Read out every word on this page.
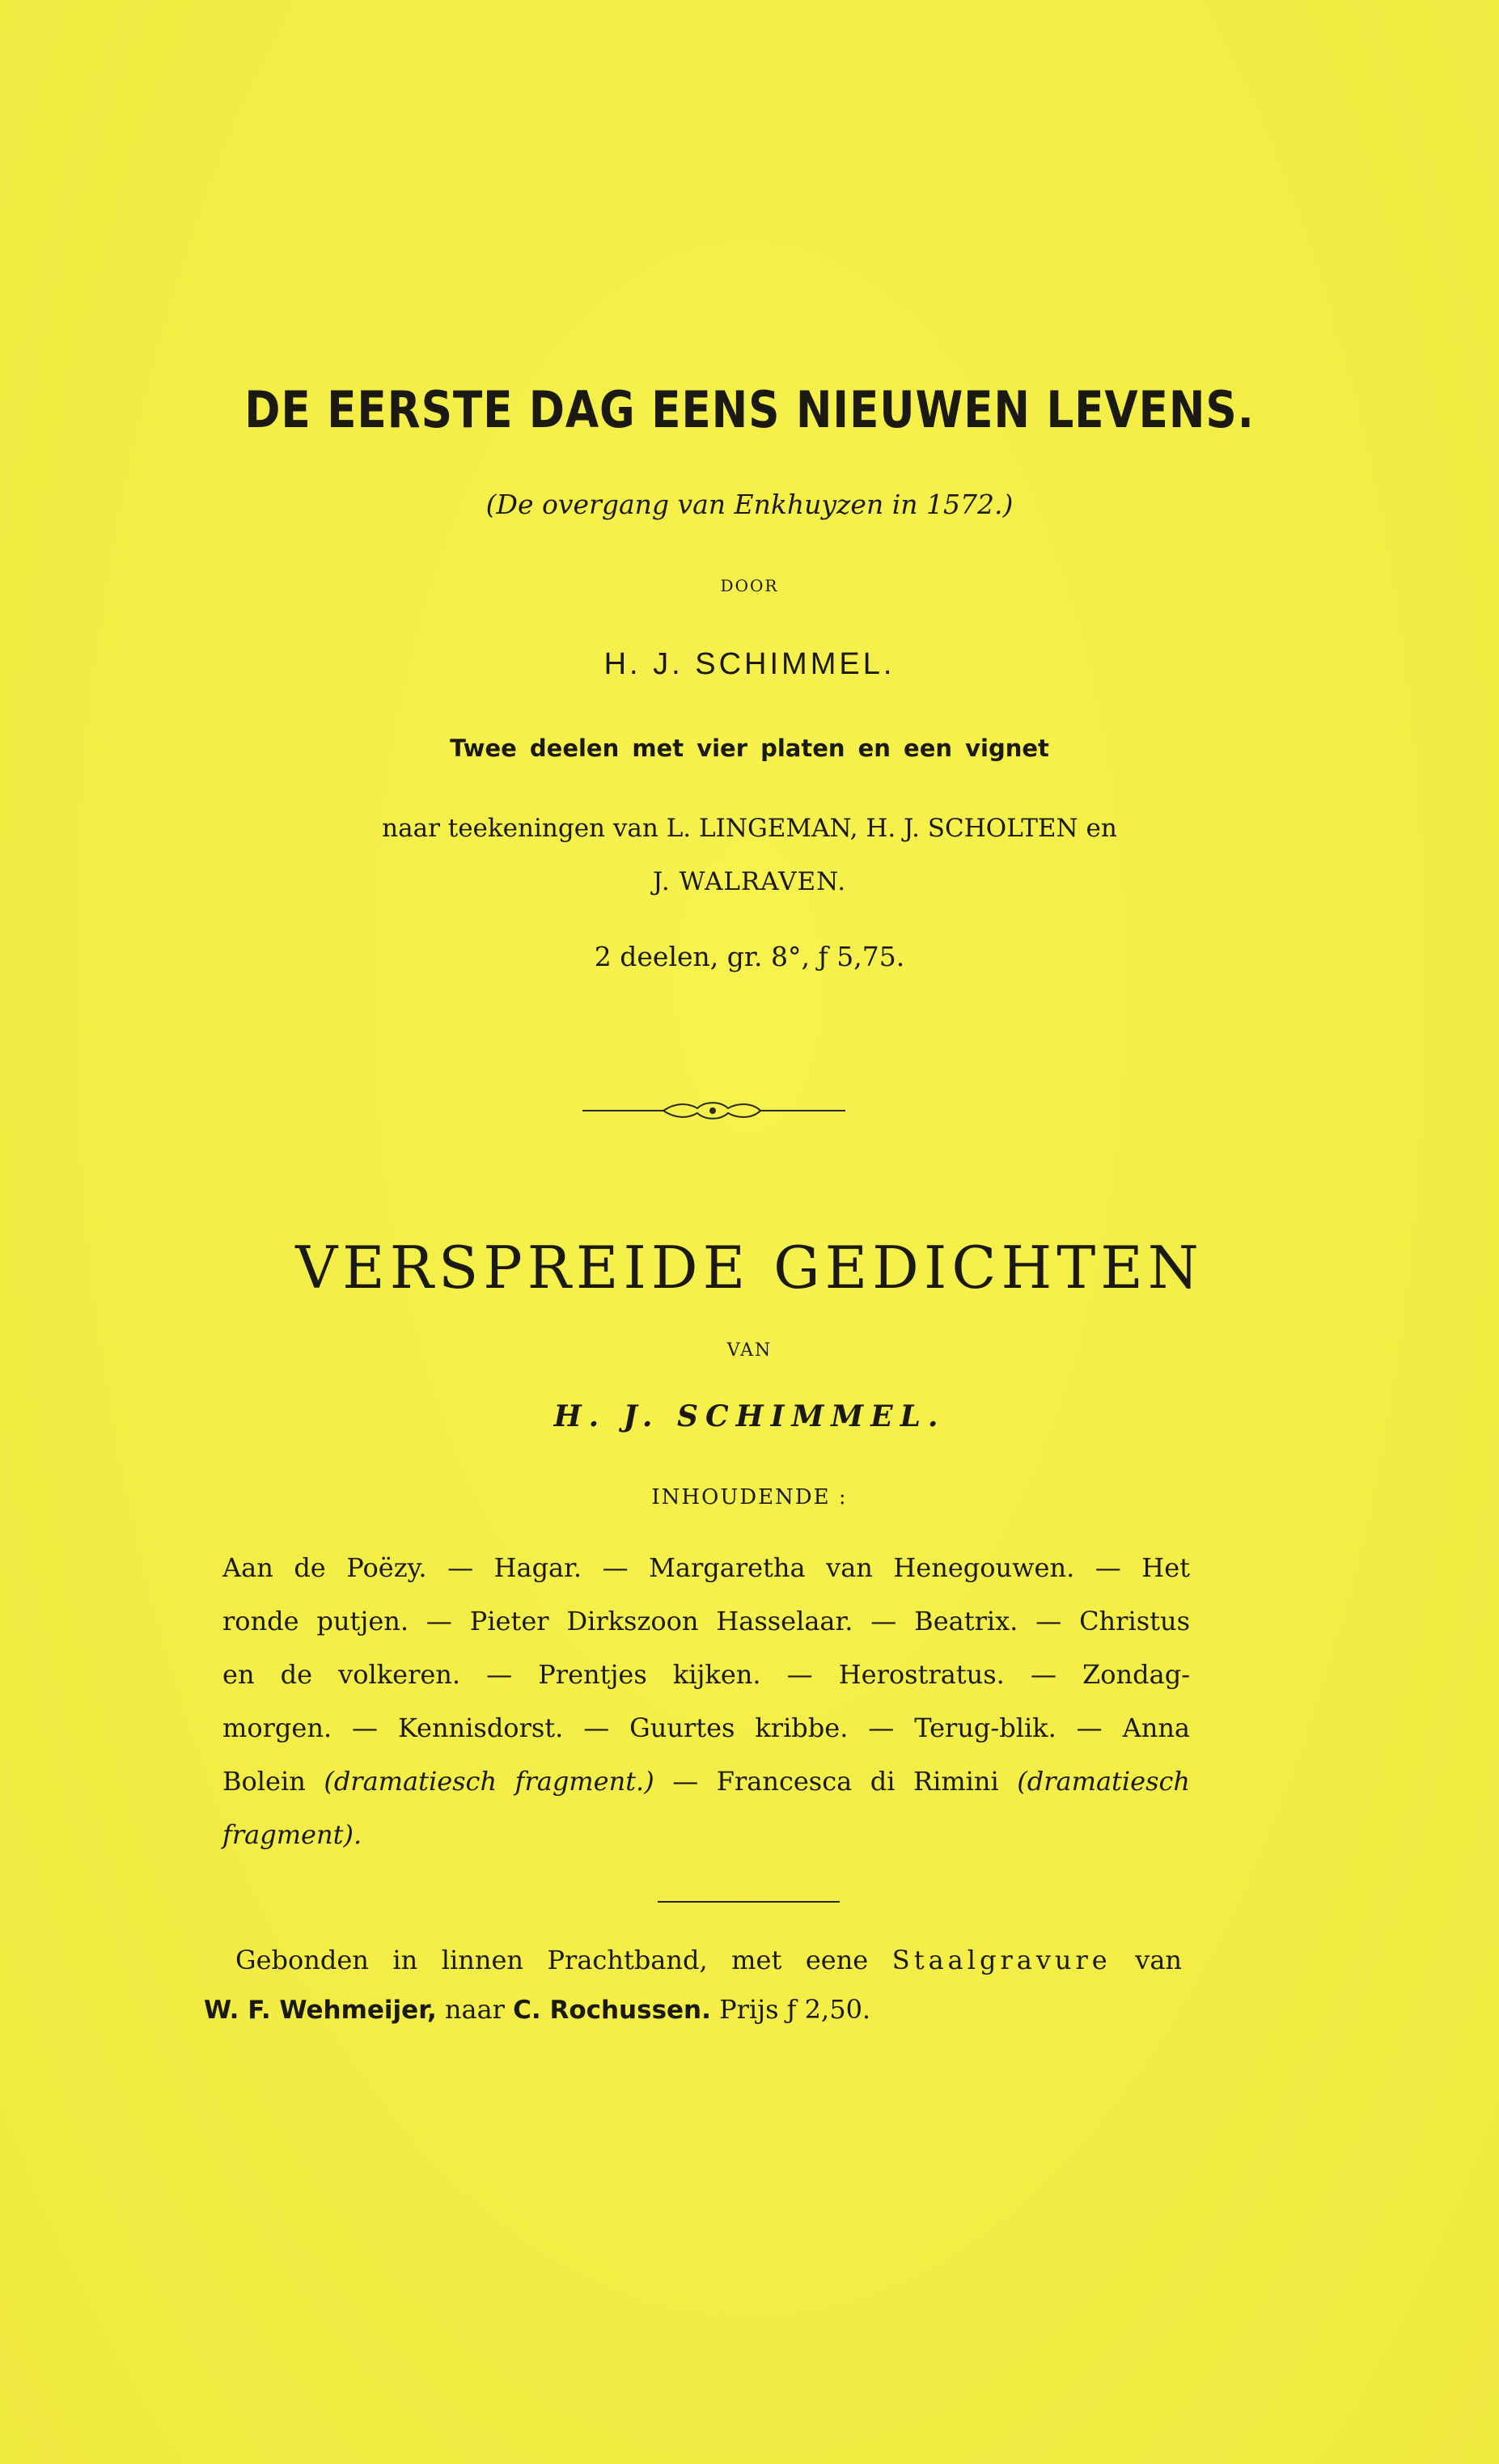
DE EERSTE DAG EENS NIEUWEN LEVENS.
(De overgang van Enkhuyzen in 1572.)
DOOR
H. J. SCHIMMEL.
Twee deelen met vier platen en een vignet
naar teekeningen van L. LINGEMAN, H. J. SCHOLTEN en
J. WALRAVEN.
2 deelen, gr. 8°, ƒ 5,75.
VERSPREIDE GEDICHTEN
VAN
H. J. SCHIMMEL.
INHOUDENDE :
Aan de Poëzy. — Hagar. — Margaretha van Henegouwen. — Het
ronde putjen. — Pieter Dirkszoon Hasselaar. — Beatrix. — Christus
en de volkeren. — Prentjes kijken. — Herostratus. — Zondag-
morgen. — Kennisdorst. — Guurtes kribbe. — Terug-blik. — Anna
Bolein (dramatiesch fragment.) — Francesca di Rimini (dramatiesch
fragment).
Gebonden in linnen Prachtband, met eene Staalgravure van
W. F. Wehmeijer, naar C. Rochussen. Prijs ƒ 2,50.
